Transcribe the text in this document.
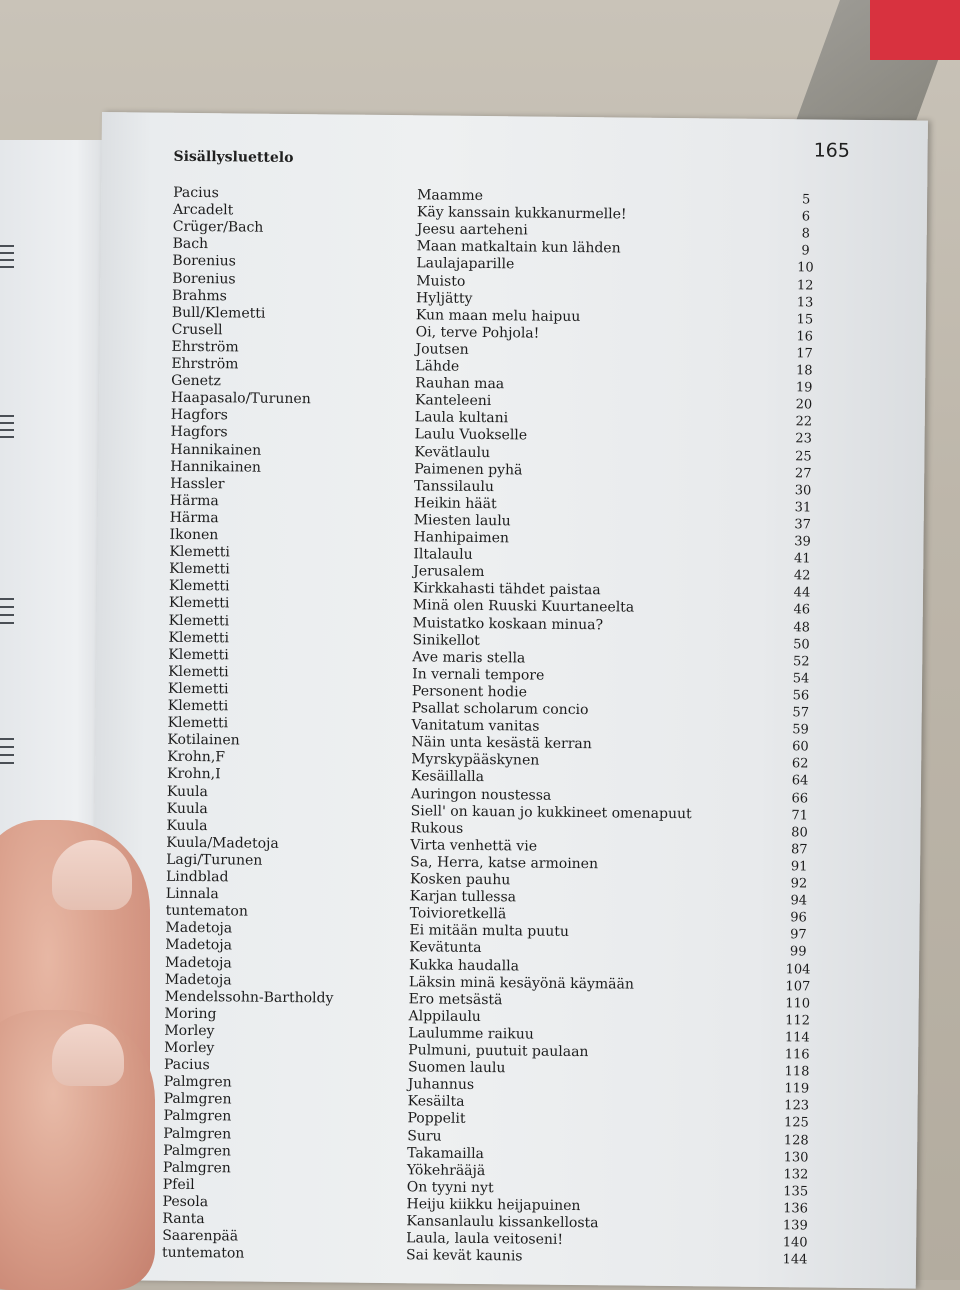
165
Sisällysluettelo
Pacius	Maamme	5
Arcadelt	Käy kanssain kukkanurmelle!	6
Crüger/Bach	Jeesu aarteheni	8
Bach	Maan matkaltain kun lähden	9
Borenius	Laulajaparille	10
Borenius	Muisto	12
Brahms	Hyljätty	13
Bull/Klemetti	Kun maan melu haipuu	15
Crusell	Oi, terve Pohjola!	16
Ehrström	Joutsen	17
Ehrström	Lähde	18
Genetz	Rauhan maa	19
Haapasalo/Turunen	Kanteleeni	20
Hagfors	Laula kultani	22
Hagfors	Laulu Vuokselle	23
Hannikainen	Kevätlaulu	25
Hannikainen	Paimenen pyhä	27
Hassler	Tanssilaulu	30
Härma	Heikin häät	31
Härma	Miesten laulu	37
Ikonen	Hanhipaimen	39
Klemetti	Iltalaulu	41
Klemetti	Jerusalem	42
Klemetti	Kirkkahasti tähdet paistaa	44
Klemetti	Minä olen Ruuski Kuurtaneelta	46
Klemetti	Muistatko koskaan minua?	48
Klemetti	Sinikellot	50
Klemetti	Ave maris stella	52
Klemetti	In vernali tempore	54
Klemetti	Personent hodie	56
Klemetti	Psallat scholarum concio	57
Klemetti	Vanitatum vanitas	59
Kotilainen	Näin unta kesästä kerran	60
Krohn,F	Myrskypääskynen	62
Krohn,I	Kesäillalla	64
Kuula	Auringon noustessa	66
Kuula	Siell' on kauan jo kukkineet omenapuut	71
Kuula	Rukous	80
Kuula/Madetoja	Virta venhettä vie	87
Lagi/Turunen	Sa, Herra, katse armoinen	91
Lindblad	Kosken pauhu	92
Linnala	Karjan tullessa	94
tuntematon	Toivioretkellä	96
Madetoja	Ei mitään multa puutu	97
Madetoja	Kevätunta	99
Madetoja	Kukka haudalla	104
Madetoja	Läksin minä kesäyönä käymään	107
Mendelssohn-Bartholdy	Ero metsästä	110
Moring	Alppilaulu	112
Morley	Laulumme raikuu	114
Morley	Pulmuni, puutuit paulaan	116
Pacius	Suomen laulu	118
Palmgren	Juhannus	119
Palmgren	Kesäilta	123
Palmgren	Poppelit	125
Palmgren	Suru	128
Palmgren	Takamailla	130
Palmgren	Yökehrääjä	132
Pfeil	On tyyni nyt	135
Pesola	Heiju kiikku heijapuinen	136
Ranta	Kansanlaulu kissankellosta	139
Saarenpää	Laula, laula veitoseni!	140
tuntematon	Sai kevät kaunis	144
